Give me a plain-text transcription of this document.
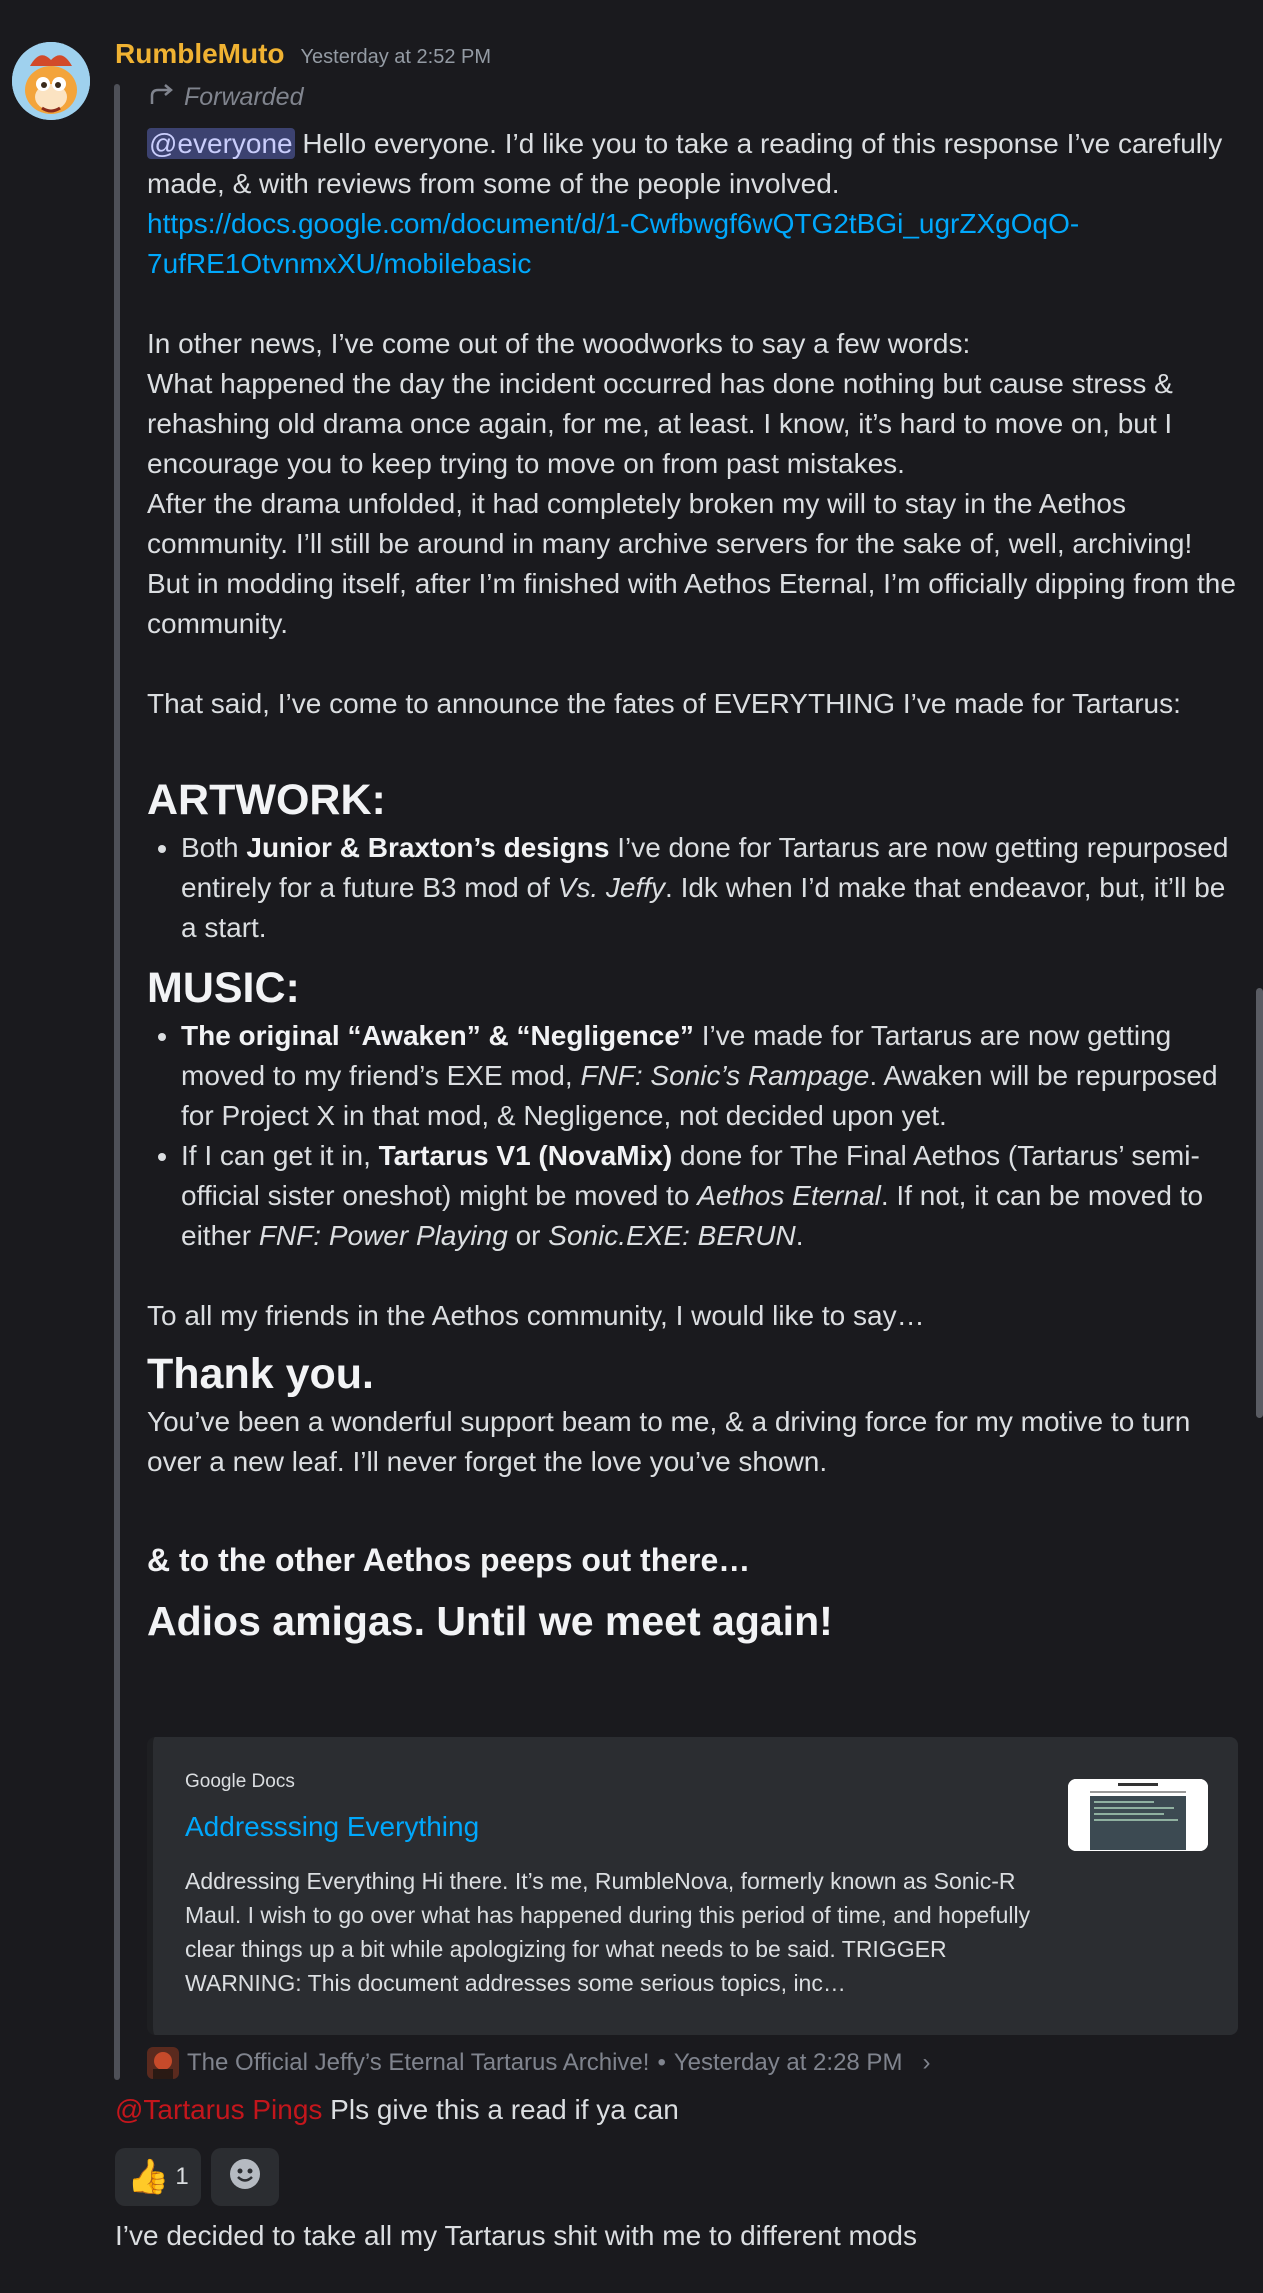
RumbleMuto Yesterday at 2:52 PM
Forwarded

@everyone Hello everyone. I’d like you to take a reading of this response I’ve carefully made, & with reviews from some of the people involved.
https://docs.google.com/document/d/1-Cwfbwgf6wQTG2tBGi_ugrZXgOqO-7ufRE1OtvnmxXU/mobilebasic

In other news, I’ve come out of the woodworks to say a few words:

What happened the day the incident occurred has done nothing but cause stress & rehashing old drama once again, for me, at least. I know, it’s hard to move on, but I encourage you to keep trying to move on from past mistakes.

After the drama unfolded, it had completely broken my will to stay in the Aethos community. I’ll still be around in many archive servers for the sake of, well, archiving! But in modding itself, after I’m finished with Aethos Eternal, I’m officially dipping from the community.

That said, I’ve come to announce the fates of EVERYTHING I’ve made for Tartarus:

ARTWORK:
• Both Junior & Braxton’s designs I’ve done for Tartarus are now getting repurposed entirely for a future B3 mod of Vs. Jeffy. Idk when I’d make that endeavor, but, it’ll be a start.
MUSIC:
• The original “Awaken” & “Negligence” I’ve made for Tartarus are now getting moved to my friend’s EXE mod, FNF: Sonic’s Rampage. Awaken will be repurposed for Project X in that mod, & Negligence, not decided upon yet.
• If I can get it in, Tartarus V1 (NovaMix) done for The Final Aethos (Tartarus’ semi-official sister oneshot) might be moved to Aethos Eternal. If not, it can be moved to either FNF: Power Playing or Sonic.EXE: BERUN.

To all my friends in the Aethos community, I would like to say…

Thank you.

You’ve been a wonderful support beam to me, & a driving force for my motive to turn over a new leaf. I’ll never forget the love you’ve shown.

& to the other Aethos peeps out there…
Adios amigas. Until we meet again!
Google Docs
Addresssing Everything
Addressing Everything Hi there. It’s me, RumbleNova, formerly known as Sonic-R Maul. I wish to go over what has happened during this period of time, and hopefully clear things up a bit while apologizing for what needs to be said. TRIGGER WARNING: This document addresses some serious topics, inc…
The Official Jeffy’s Eternal Tartarus Archive! • Yesterday at 2:28 PM ›
@Tartarus Pings Pls give this a read if ya can
👍 1
I’ve decided to take all my Tartarus shit with me to different mods
